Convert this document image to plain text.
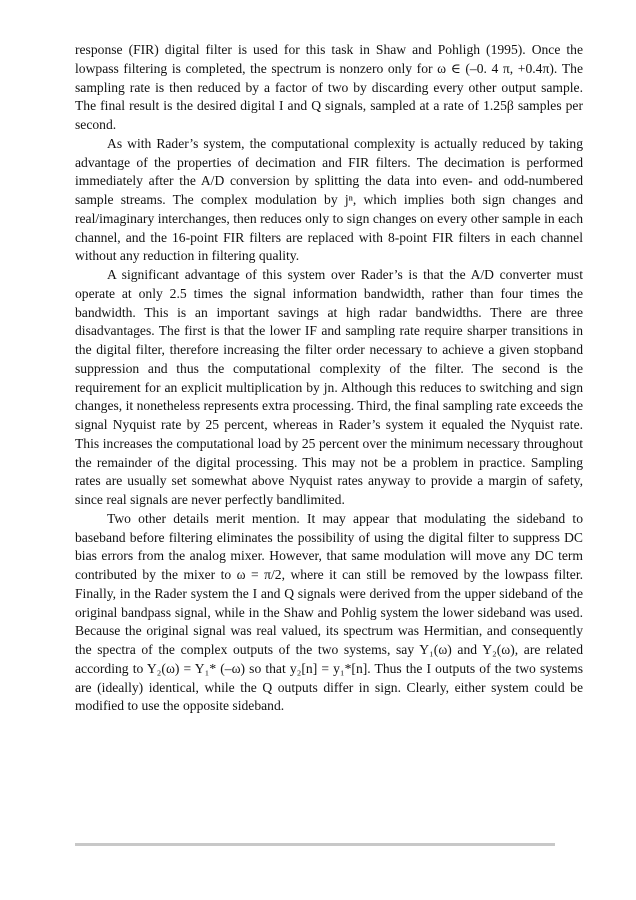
response (FIR) digital filter is used for this task in Shaw and Pohligh (1995). Once the lowpass filtering is completed, the spectrum is nonzero only for ω ∈ (–0. 4 π, +0.4π). The sampling rate is then reduced by a factor of two by discarding every other output sample. The final result is the desired digital I and Q signals, sampled at a rate of 1.25β samples per second.

As with Rader’s system, the computational complexity is actually reduced by taking advantage of the properties of decimation and FIR filters. The decimation is performed immediately after the A/D conversion by splitting the data into even- and odd-numbered sample streams. The complex modulation by jⁿ, which implies both sign changes and real/imaginary interchanges, then reduces only to sign changes on every other sample in each channel, and the 16-point FIR filters are replaced with 8-point FIR filters in each channel without any reduction in filtering quality.

A significant advantage of this system over Rader’s is that the A/D converter must operate at only 2.5 times the signal information bandwidth, rather than four times the bandwidth. This is an important savings at high radar bandwidths. There are three disadvantages. The first is that the lower IF and sampling rate require sharper transitions in the digital filter, therefore increasing the filter order necessary to achieve a given stopband suppression and thus the computational complexity of the filter. The second is the requirement for an explicit multiplication by jn. Although this reduces to switching and sign changes, it nonetheless represents extra processing. Third, the final sampling rate exceeds the signal Nyquist rate by 25 percent, whereas in Rader’s system it equaled the Nyquist rate. This increases the computational load by 25 percent over the minimum necessary throughout the remainder of the digital processing. This may not be a problem in practice. Sampling rates are usually set somewhat above Nyquist rates anyway to provide a margin of safety, since real signals are never perfectly bandlimited.

Two other details merit mention. It may appear that modulating the sideband to baseband before filtering eliminates the possibility of using the digital filter to suppress DC bias errors from the analog mixer. However, that same modulation will move any DC term contributed by the mixer to ω = π/2, where it can still be removed by the lowpass filter. Finally, in the Rader system the I and Q signals were derived from the upper sideband of the original bandpass signal, while in the Shaw and Pohlig system the lower sideband was used. Because the original signal was real valued, its spectrum was Hermitian, and consequently the spectra of the complex outputs of the two systems, say Y₁(ω) and Y₂(ω), are related according to Y₂(ω) = Y₁* (–ω) so that y₂[n] = y₁*[n]. Thus the I outputs of the two systems are (ideally) identical, while the Q outputs differ in sign. Clearly, either system could be modified to use the opposite sideband.
